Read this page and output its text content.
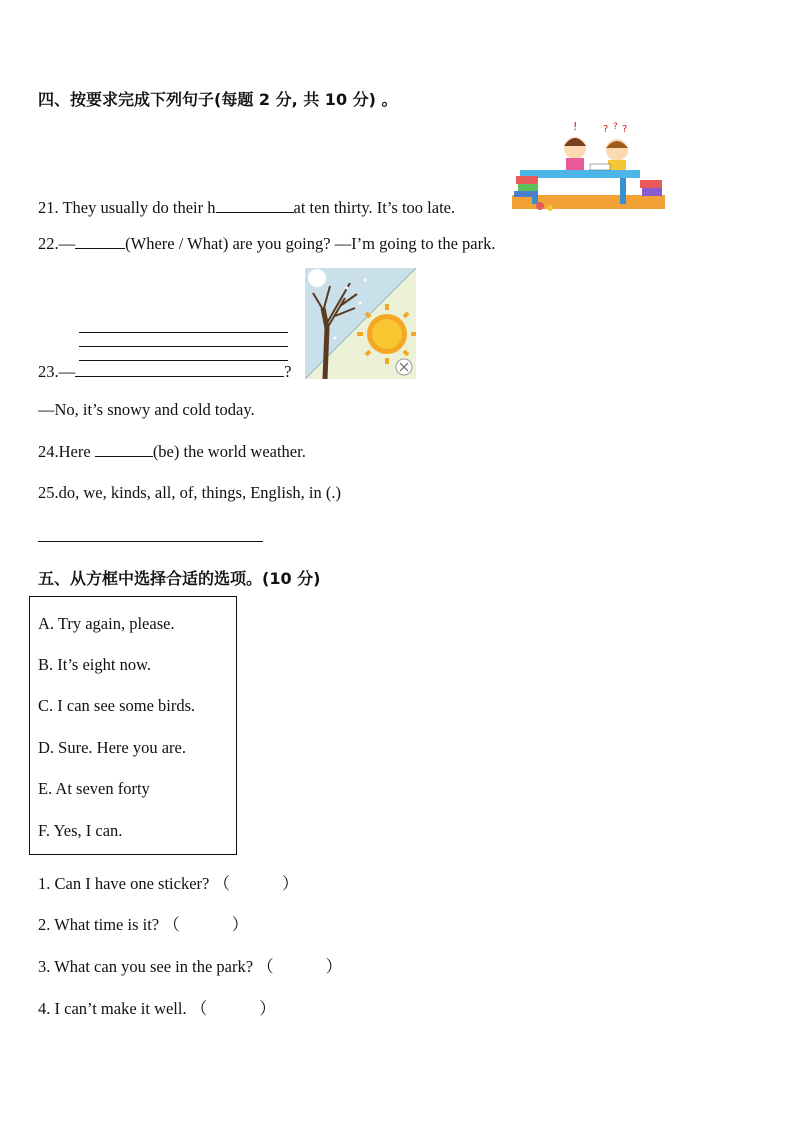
四、按要求完成下列句子(每题 2 分, 共 10 分) 。
!	? ? ?
21. They usually do their h	at ten thirty. It’s too late.
22.—	(Where / What) are you going? —I’m going to the park.
23.—	?
—No, it’s snowy and cold today.
24.Here	(be) the world weather.
25.do, we, kinds, all, of, things, English, in (.)
五、从方框中选择合适的选项。(10 分)
A. Try again, please.
B. It’s eight now.
C. I can see some birds.
D. Sure. Here you are.
E. At seven forty
F. Yes, I can.
1. Can I have one sticker? （	）
2. What time is it? （	）
3. What can you see in the park? （	）
4. I can’t make it well. （	）
